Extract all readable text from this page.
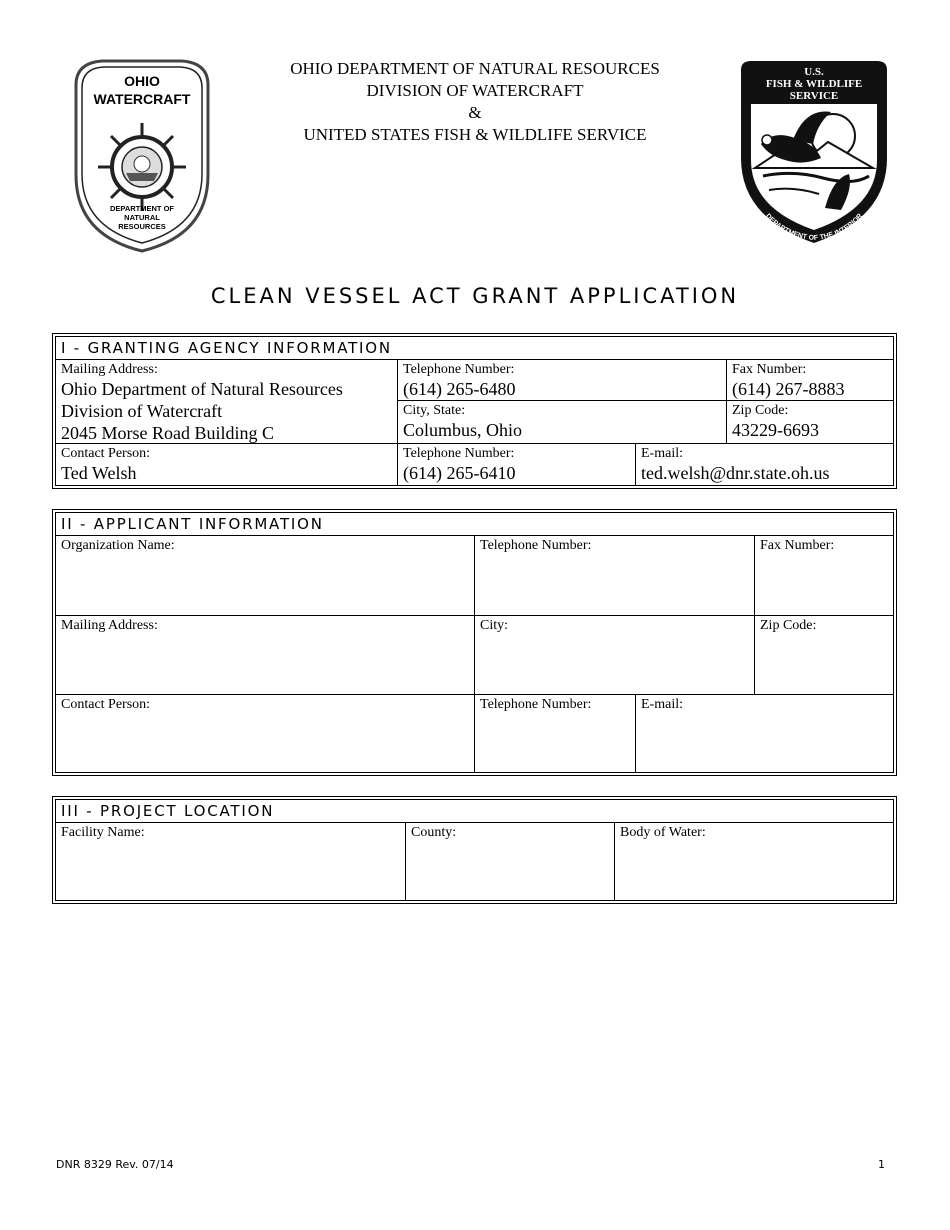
OHIO
WATERCRAFT
DEPARTMENT OF
NATURAL
RESOURCES
OHIO DEPARTMENT OF NATURAL RESOURCES
DIVISION OF WATERCRAFT
&
UNITED STATES FISH & WILDLIFE SERVICE
U.S.
FISH & WILDLIFE
SERVICE
DEPARTMENT OF THE INTERIOR
CLEAN VESSEL ACT GRANT APPLICATION
I - GRANTING AGENCY INFORMATION
Mailing Address:
Ohio Department of Natural Resources
Division of Watercraft
2045 Morse Road Building C
Telephone Number:
(614) 265-6480
Fax Number:
(614) 267-8883
City, State:
Columbus, Ohio
Zip Code:
43229-6693
Contact Person:
Ted Welsh
Telephone Number:
(614) 265-6410
E-mail:
ted.welsh@dnr.state.oh.us
II - APPLICANT INFORMATION
Organization Name:	Telephone Number:	Fax Number:
Mailing Address:	City:	Zip Code:
Contact Person:	Telephone Number:	E-mail:
III - PROJECT LOCATION
Facility Name:	County:	Body of Water:
DNR 8329 Rev. 07/14	1
